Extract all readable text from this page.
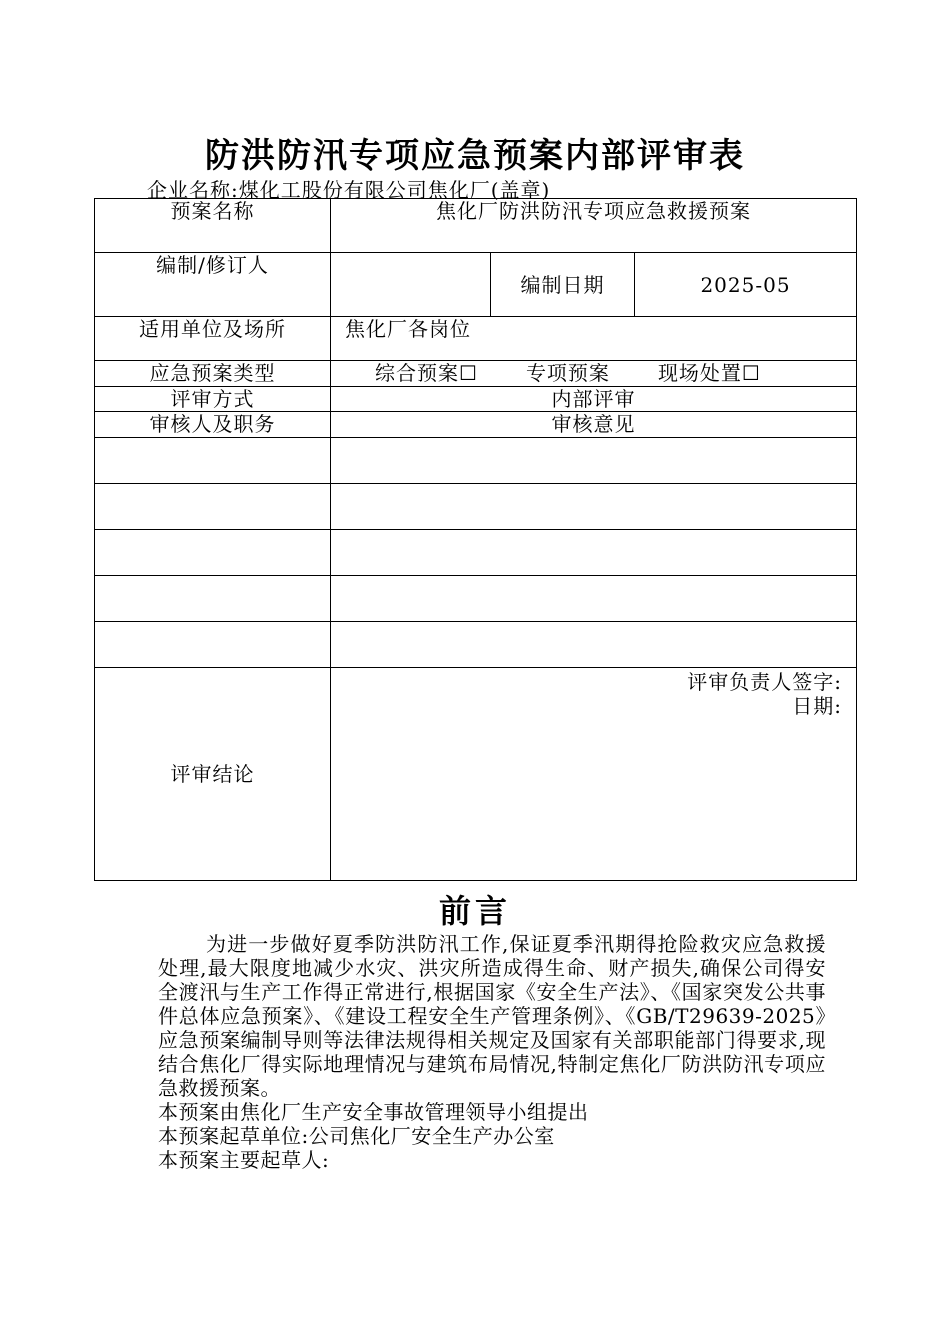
防洪防汛专项应急预案内部评审表
企业名称:煤化工股份有限公司焦化厂(盖章)
预案名称	焦化厂防洪防汛专项应急救援预案		
编制/修订人		编制日期	2025-05
适用单位及场所	焦化厂各岗位		
应急预案类型	综合预案☐ 专项预案 现场处置☐		

评审方式	内部评审		
审核人及职务	审核意见		

评审结论	评审负责人签字:
日期:		
前言

为进一步做好夏季防洪防汛工作,保证夏季汛期得抢险救灾应急救援处理,最大限度地减少水灾、洪灾所造成得生命、财产损失,确保公司得安全渡汛与生产工作得正常进行,根据国家《安全生产法》、《国家突发公共事件总体应急预案》、《建设工程安全生产管理条例》、《GB/T29639-2025》应急预案编制导则等法律法规得相关规定及国家有关部职能部门得要求,现结合焦化厂得实际地理情况与建筑布局情况,特制定焦化厂防洪防汛专项应急救援预案。

本预案由焦化厂生产安全事故管理领导小组提出

本预案起草单位:公司焦化厂安全生产办公室

本预案主要起草人:
